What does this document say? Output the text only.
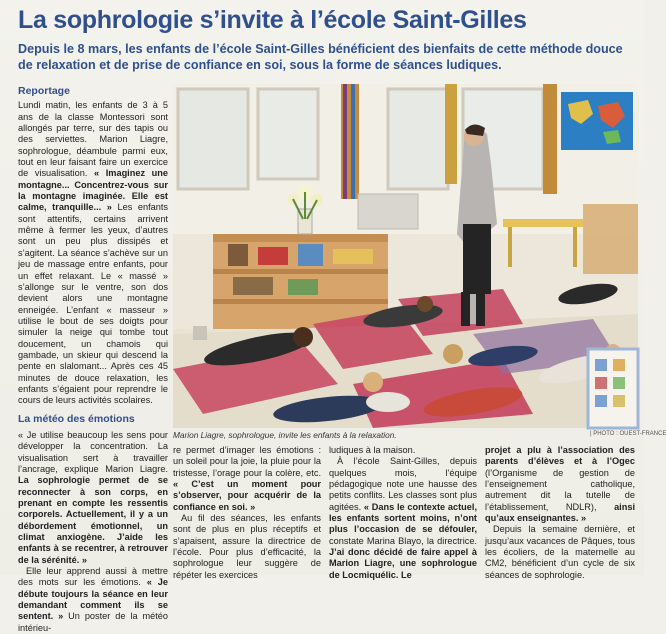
La sophrologie s’invite à l’école Saint-Gilles
Depuis le 8 mars, les enfants de l’école Saint-Gilles bénéficient des bienfaits de cette méthode douce de relaxation et de prise de confiance en soi, sous la forme de séances ludiques.
Reportage

Lundi matin, les enfants de 3 à 5 ans de la classe Montessori sont allongés par terre, sur des tapis ou des serviettes. Marion Liagre, sophrologue, déambule parmi eux, tout en leur faisant faire un exercice de visualisation. « Imaginez une montagne... Concentrez-vous sur la montagne imaginée. Elle est calme, tranquille... » Les enfants sont attentifs, certains arrivent même à fermer les yeux, d’autres sont un peu plus dissipés et s’agitent. La séance s’achève sur un jeu de massage entre enfants, pour un effet relaxant. Le « massé » s’allonge sur le ventre, son dos devient alors une montagne enneigée. L’enfant « masseur » utilise le bout de ses doigts pour simuler la neige qui tombe tout doucement, un chamois qui gambade, un skieur qui descend la pente en slalomant... Après ces 45 minutes de douce relaxation, les enfants s’égaient pour reprendre le cours de leurs activités scolaires.

La météo des émotions

« Je utilise beaucoup les sens pour développer la concentration. La visualisation sert à travailler l’ancrage, explique Marion Liagre. La sophrologie permet de se reconnecter à son corps, en prenant en compte les ressentis corporels. Actuellement, il y a un débordement émotionnel, un climat anxiogène. J’aide les enfants à se recentrer, à retrouver de la sérénité. »

Elle leur apprend aussi à mettre des mots sur les émotions. « Je débute toujours la séance en leur demandant comment ils se sentent. » Un poster de la météo intérieu-

Marion Liagre, sophrologue, invite les enfants à la relaxation.	| PHOTO : OUEST-FRANCE

re permet d’imager les émotions : un soleil pour la joie, la pluie pour la tristesse, l’orage pour la colère, etc. « C’est un moment pour s’observer, pour acquérir de la confiance en soi. »

Au fil des séances, les enfants sont de plus en plus réceptifs et s’apaisent, assure la directrice de l’école. Pour plus d’efficacité, la sophrologue leur suggère de répéter les exercices

ludiques à la maison.

À l’école Saint-Gilles, depuis quelques mois, l’équipe pédagogique note une hausse des petits conflits. Les classes sont plus agitées. « Dans le contexte actuel, les enfants sortent moins, n’ont plus l’occasion de se défouler, constate Marina Blayo, la directrice. J’ai donc décidé de faire appel à Marion Liagre, une sophrologue de Locmiquélic. Le

projet a plu à l’association des parents d’élèves et à l’Ogec (l’Organisme de gestion de l’enseignement catholique, autrement dit la tutelle de l’établissement, NDLR), ainsi qu’aux enseignantes. »

Depuis la semaine dernière, et jusqu’aux vacances de Pâques, tous les écoliers, de la maternelle au CM2, bénéficient d’un cycle de six séances de sophrologie.
